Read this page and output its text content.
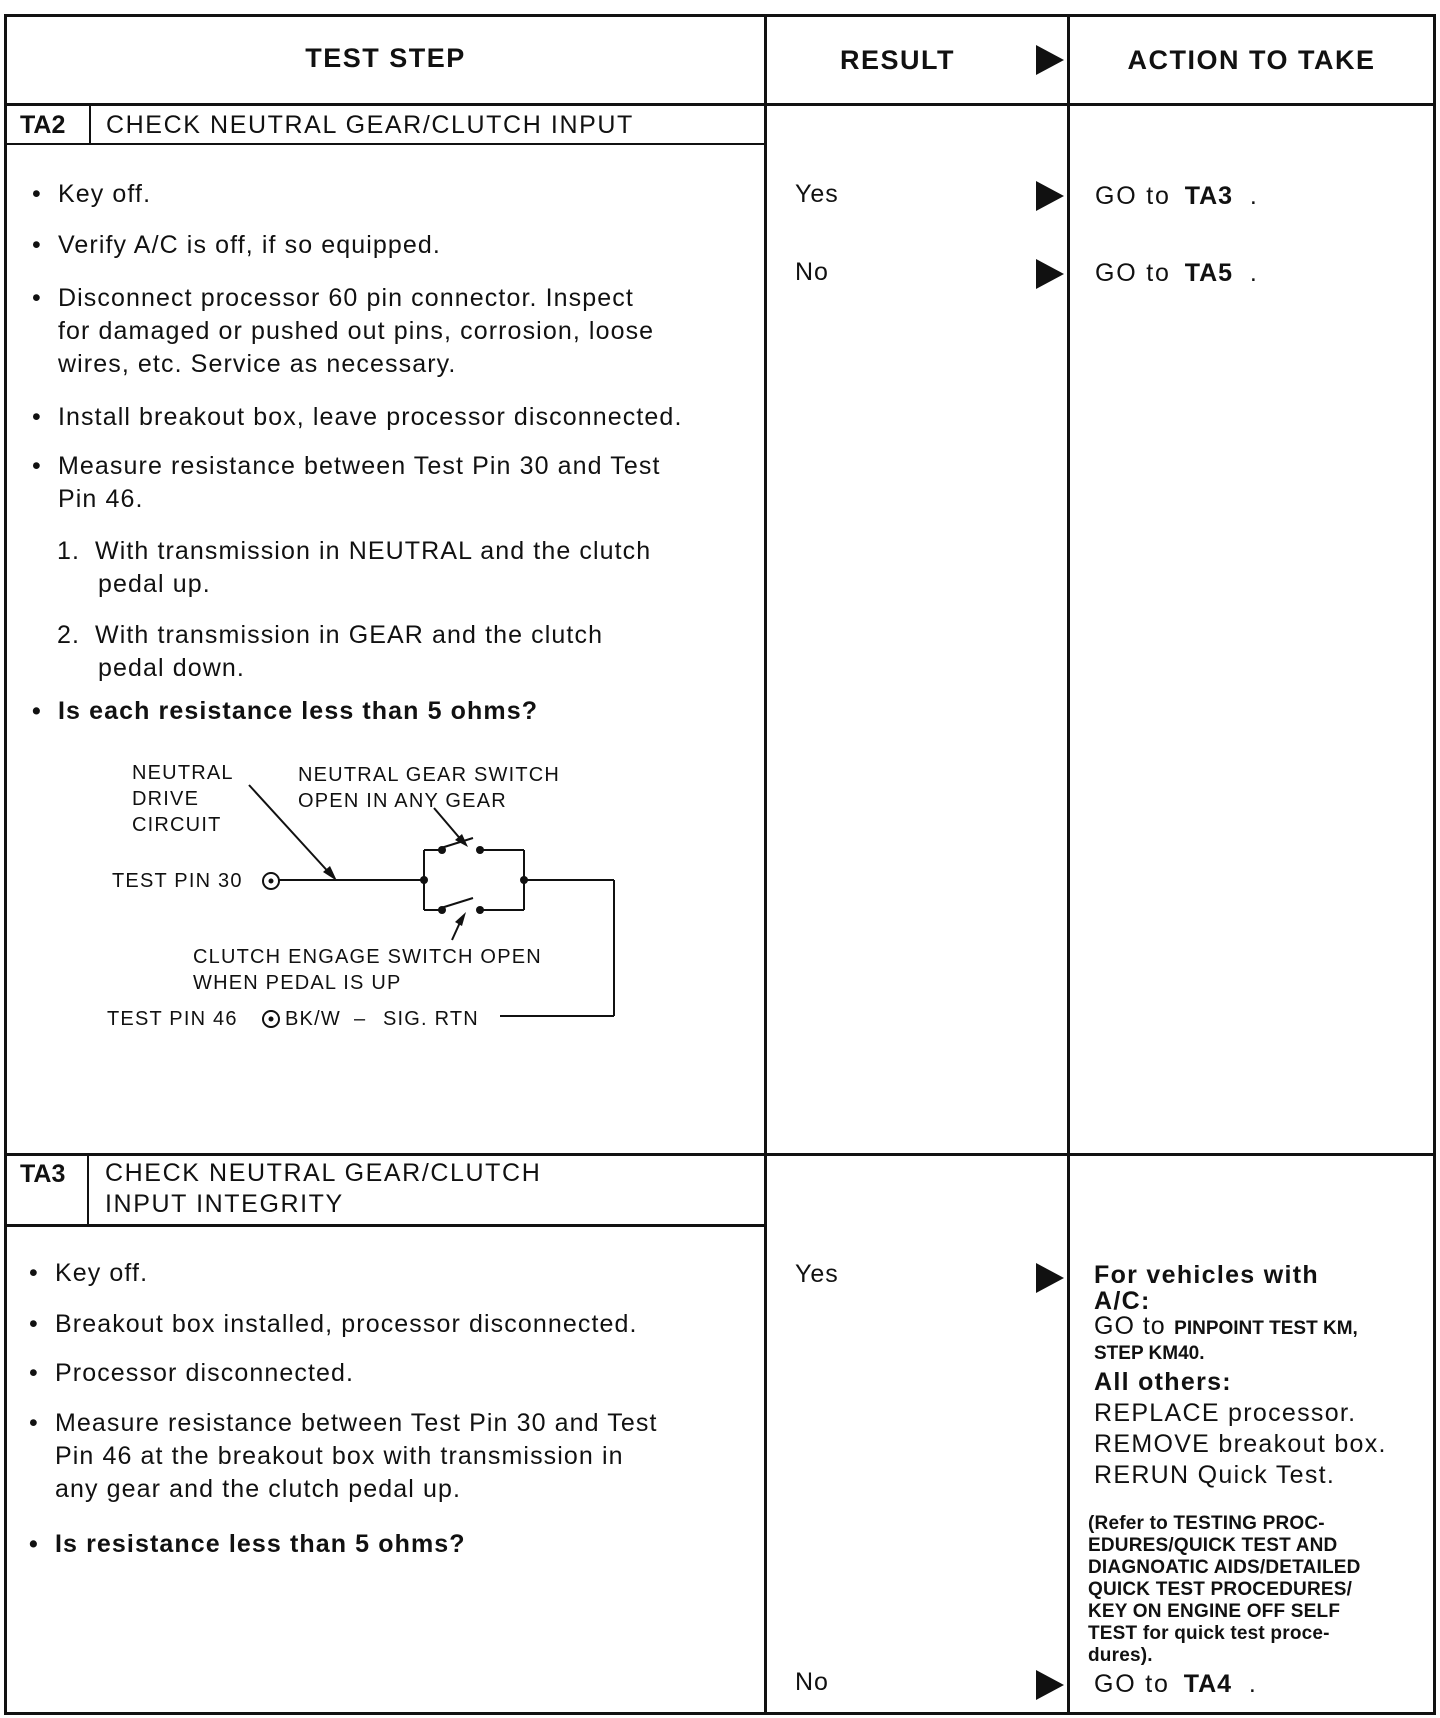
TEST STEP	RESULT	ACTION TO TAKE
TA2 CHECK NEUTRAL GEAR/CLUTCH INPUT
• Key off.
• Verify A/C is off, if so equipped.
• Disconnect processor 60 pin connector. Inspect
for damaged or pushed out pins, corrosion, loose
wires, etc. Service as necessary.
• Install breakout box, leave processor disconnected.
• Measure resistance between Test Pin 30 and Test
Pin 46.
1. With transmission in NEUTRAL and the clutch
pedal up.
2. With transmission in GEAR and the clutch
pedal down.
• Is each resistance less than 5 ohms?
NEUTRAL
DRIVE
CIRCUIT
NEUTRAL GEAR SWITCH
OPEN IN ANY GEAR
TEST PIN 30
CLUTCH ENGAGE SWITCH OPEN
WHEN PEDAL IS UP
TEST PIN 46 BK/W – SIG. RTN
Yes	GO to TA3 .
No	GO to TA5 .
TA3 CHECK NEUTRAL GEAR/CLUTCH
INPUT INTEGRITY
• Key off.
• Breakout box installed, processor disconnected.
• Processor disconnected.
• Measure resistance between Test Pin 30 and Test
Pin 46 at the breakout box with transmission in
any gear and the clutch pedal up.
• Is resistance less than 5 ohms?
Yes	For vehicles with
A/C:
GO to PINPOINT TEST KM,
STEP KM40.
All others:
REPLACE processor.
REMOVE breakout box.
RERUN Quick Test.
(Refer to TESTING PROC-
EDURES/QUICK TEST AND
DIAGNOATIC AIDS/DETAILED
QUICK TEST PROCEDURES/
KEY ON ENGINE OFF SELF
TEST for quick test proce-
dures).
No	GO to TA4 .
